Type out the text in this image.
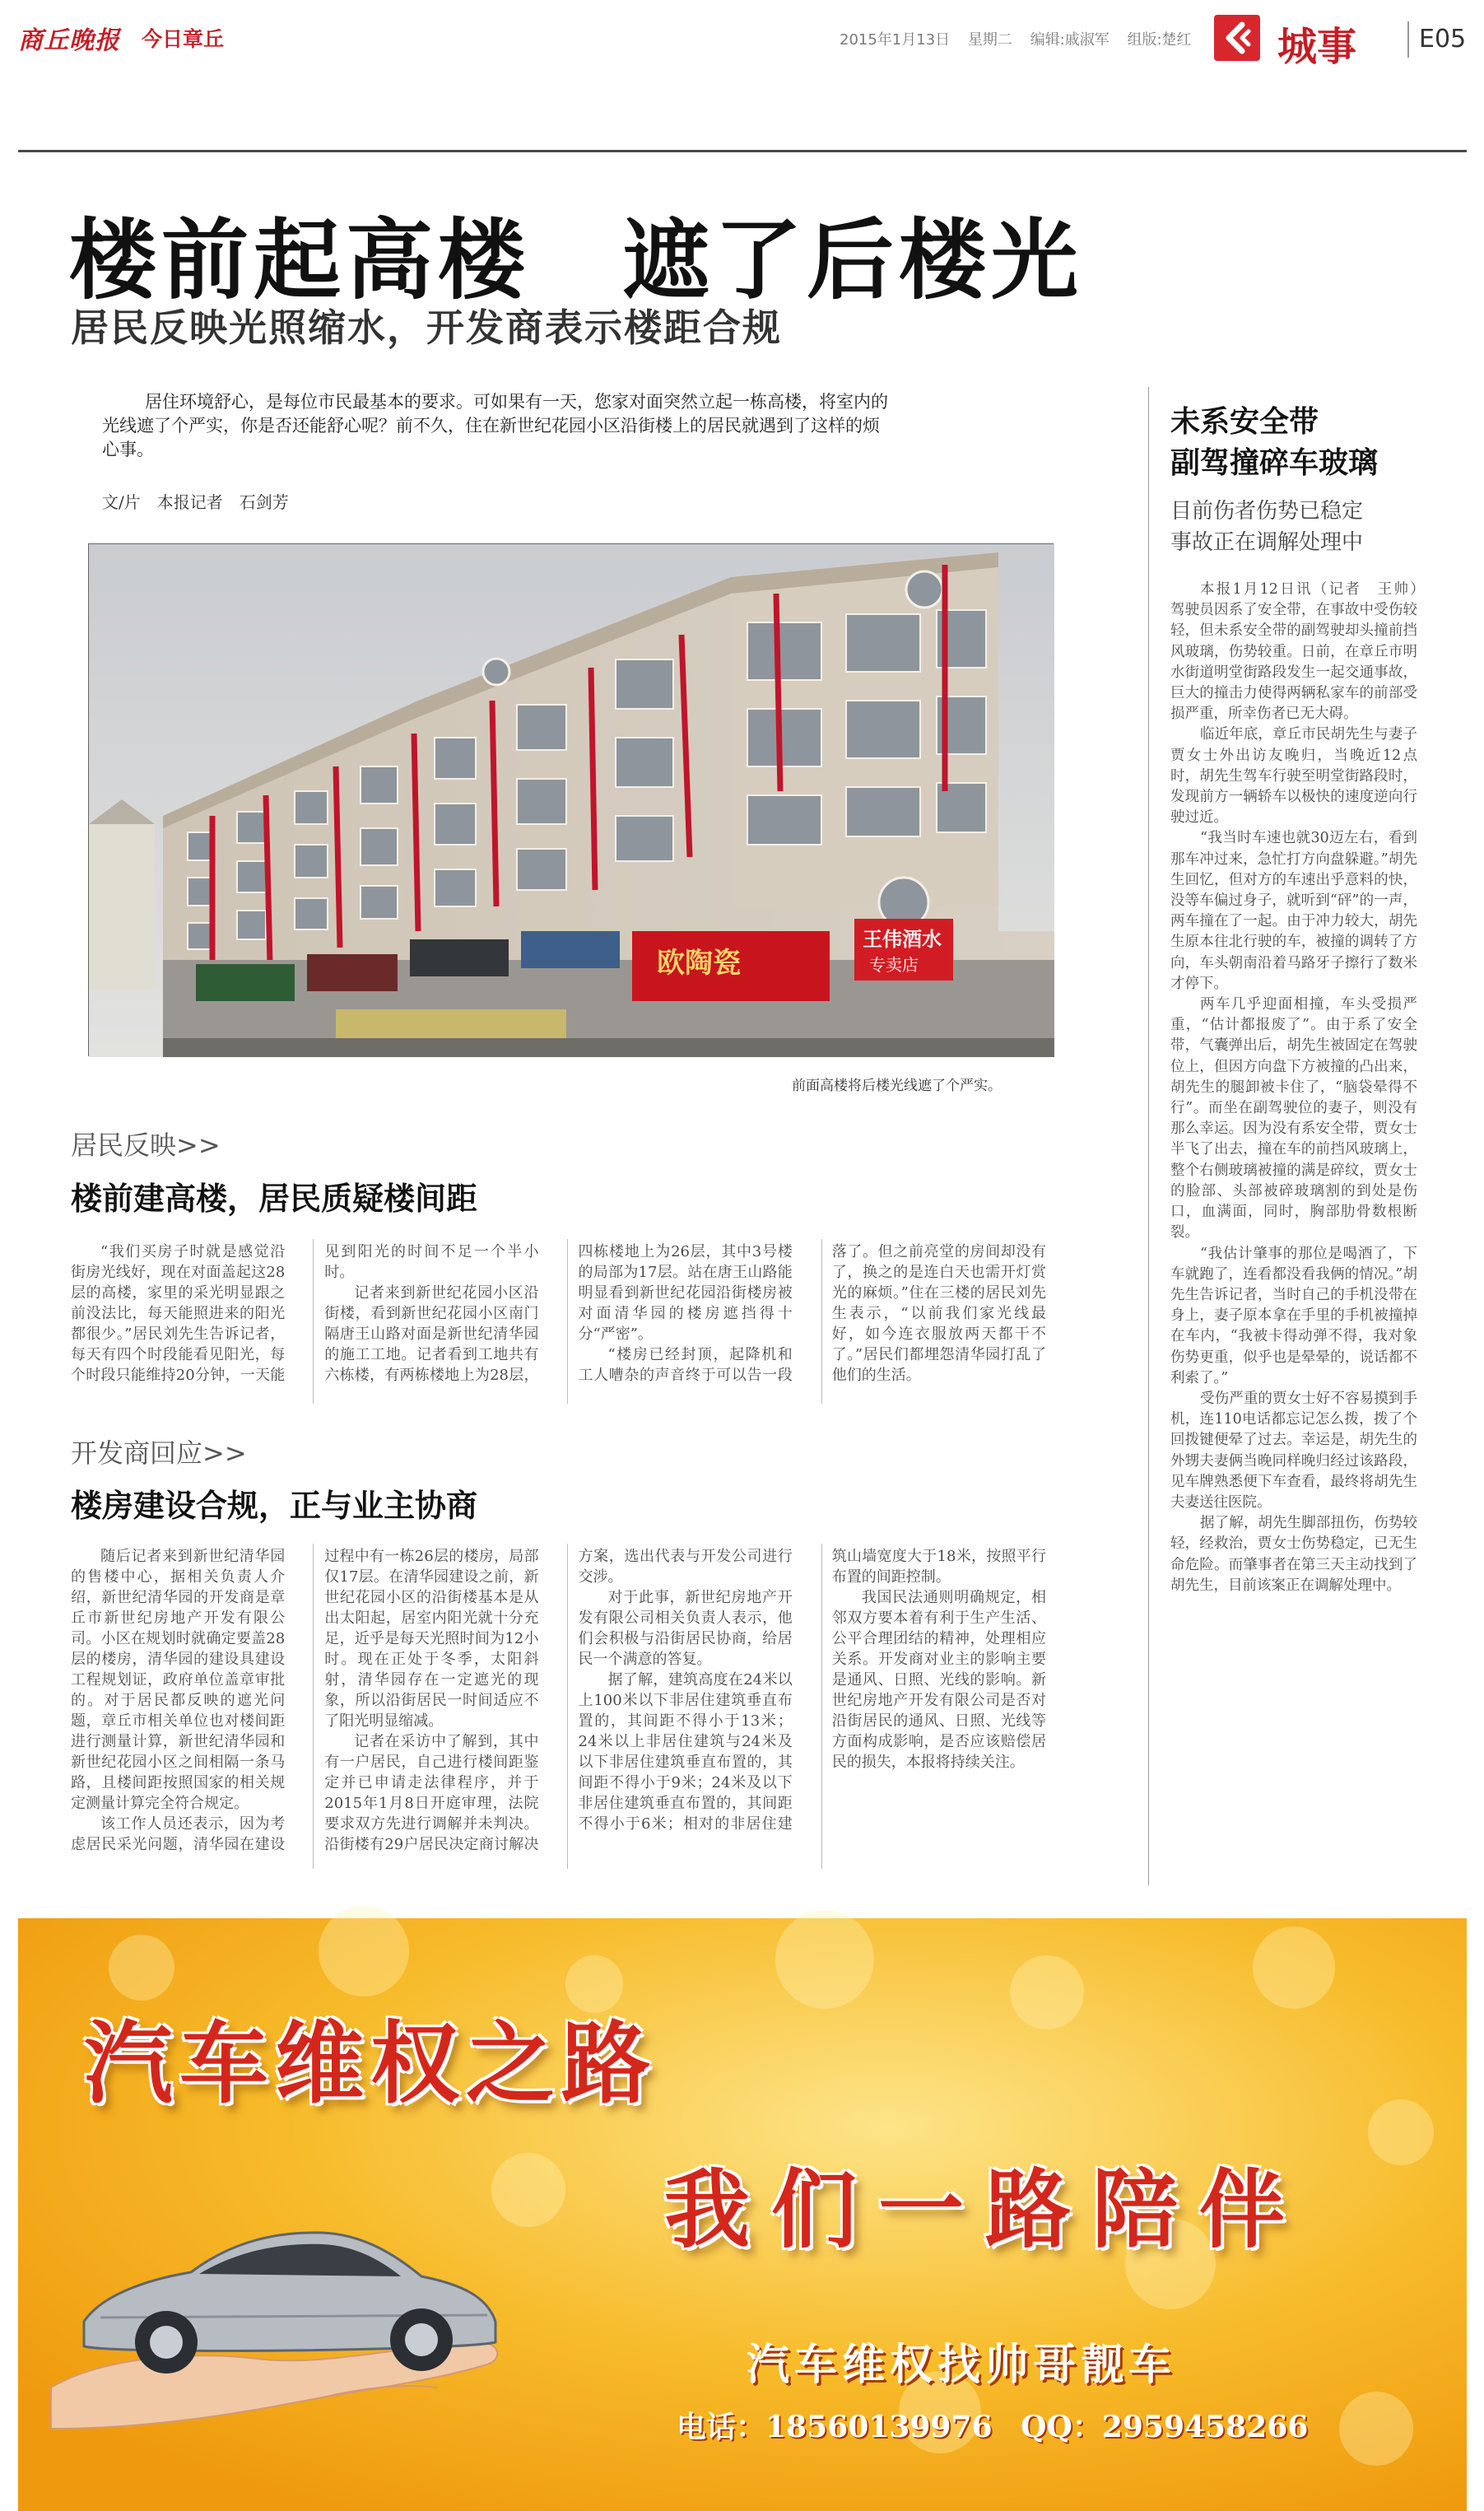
商丘晚报 今日章丘	2015年1月13日 星期二 编辑:戚淑军 组版:楚红	城事	E05
楼前起高楼　遮了后楼光
居民反映光照缩水，开发商表示楼距合规

居住环境舒心，是每位市民最基本的要求。可如果有一天，您家对面突然立起一栋高楼，将室内的光线遮了个严实，你是否还能舒心呢？前不久，住在新世纪花园小区沿街楼上的居民就遇到了这样的烦心事。

文/片　本报记者　石剑芳
欧陶瓷
王伟酒水
专卖店
前面高楼将后楼光线遮了个严实。
居民反映>>
楼前建高楼，居民质疑楼间距

“我们买房子时就是感觉沿街房光线好，现在对面盖起这28层的高楼，家里的采光明显跟之前没法比，每天能照进来的阳光都很少。”居民刘先生告诉记者，每天有四个时段能看见阳光，每个时段只能维持20分钟，一天能见到阳光的时间不足一个半小时。

记者来到新世纪花园小区沿街楼，看到新世纪花园小区南门隔唐王山路对面是新世纪清华园的施工工地。记者看到工地共有六栋楼，有两栋楼地上为28层，四栋楼地上为26层，其中3号楼的局部为17层。站在唐王山路能明显看到新世纪花园沿街楼房被对面清华园的楼房遮挡得十分“严密”。

“楼房已经封顶，起降机和工人嘈杂的声音终于可以告一段落了。但之前亮堂的房间却没有了，换之的是连白天也需开灯赏光的麻烦。”住在三楼的居民刘先生表示，“以前我们家光线最好，如今连衣服放两天都干不了。”居民们都埋怨清华园打乱了他们的生活。

开发商回应>>
楼房建设合规，正与业主协商

随后记者来到新世纪清华园的售楼中心，据相关负责人介绍，新世纪清华园的开发商是章丘市新世纪房地产开发有限公司。小区在规划时就确定要盖28层的楼房，清华园的建设具建设工程规划证，政府单位盖章审批的。对于居民都反映的遮光问题，章丘市相关单位也对楼间距进行测量计算，新世纪清华园和新世纪花园小区之间相隔一条马路，且楼间距按照国家的相关规定测量计算完全符合规定。

该工作人员还表示，因为考虑居民采光问题，清华园在建设过程中有一栋26层的楼房，局部仅17层。在清华园建设之前，新世纪花园小区的沿街楼基本是从出太阳起，居室内阳光就十分充足，近乎是每天光照时间为12小时。现在正处于冬季，太阳斜射，清华园存在一定遮光的现象，所以沿街居民一时间适应不了阳光明显缩减。

记者在采访中了解到，其中有一户居民，自己进行楼间距鉴定并已申请走法律程序，并于2015年1月8日开庭审理，法院要求双方先进行调解并未判决。沿街楼有29户居民决定商讨解决方案，选出代表与开发公司进行交涉。

对于此事，新世纪房地产开发有限公司相关负责人表示，他们会积极与沿街居民协商，给居民一个满意的答复。

据了解，建筑高度在24米以上100米以下非居住建筑垂直布置的，其间距不得小于13米；24米以上非居住建筑与24米及以下非居住建筑垂直布置的，其间距不得小于9米；24米及以下非居住建筑垂直布置的，其间距不得小于6米；相对的非居住建筑山墙宽度大于18米，按照平行布置的间距控制。

我国民法通则明确规定，相邻双方要本着有利于生产生活、公平合理团结的精神，处理相应关系。开发商对业主的影响主要是通风、日照、光线的影响。新世纪房地产开发有限公司是否对沿街居民的通风、日照、光线等方面构成影响，是否应该赔偿居民的损失，本报将持续关注。

未系安全带
副驾撞碎车玻璃
目前伤者伤势已稳定
事故正在调解处理中

本报1月12日讯（记者　王帅）　驾驶员因系了安全带，在事故中受伤较轻，但未系安全带的副驾驶却头撞前挡风玻璃，伤势较重。日前，在章丘市明水街道明堂街路段发生一起交通事故，巨大的撞击力使得两辆私家车的前部受损严重，所幸伤者已无大碍。

临近年底，章丘市民胡先生与妻子贾女士外出访友晚归，当晚近12点时，胡先生驾车行驶至明堂街路段时，发现前方一辆轿车以极快的速度逆向行驶过近。

“我当时车速也就30迈左右，看到那车冲过来，急忙打方向盘躲避。”胡先生回忆，但对方的车速出乎意料的快，没等车偏过身子，就听到“砰”的一声，两车撞在了一起。由于冲力较大，胡先生原本往北行驶的车，被撞的调转了方向，车头朝南沿着马路牙子擦行了数米才停下。

两车几乎迎面相撞，车头受损严重，“估计都报废了”。由于系了安全带，气囊弹出后，胡先生被固定在驾驶位上，但因方向盘下方被撞的凸出来，胡先生的腿卸被卡住了，“脑袋晕得不行”。而坐在副驾驶位的妻子，则没有那么幸运。因为没有系安全带，贾女士半飞了出去，撞在车的前挡风玻璃上，整个右侧玻璃被撞的满是碎纹，贾女士的脸部、头部被碎玻璃割的到处是伤口，血满面，同时，胸部肋骨数根断裂。

“我估计肇事的那位是喝酒了，下车就跑了，连看都没看我俩的情况。”胡先生告诉记者，当时自己的手机没带在身上，妻子原本拿在手里的手机被撞掉在车内，“我被卡得动弹不得，我对象伤势更重，似乎也是晕晕的，说话都不利索了。”

受伤严重的贾女士好不容易摸到手机，连110电话都忘记怎么拨，拨了个回拨键便晕了过去。幸运是，胡先生的外甥夫妻俩当晚同样晚归经过该路段，见车牌熟悉便下车查看，最终将胡先生夫妻送往医院。

据了解，胡先生脚部扭伤，伤势较轻，经救治，贾女士伤势稳定，已无生命危险。而肇事者在第三天主动找到了胡先生，目前该案正在调解处理中。

汽车维权之路
我们一路陪伴
汽车维权找帅哥靓车
电话：18560139976 QQ：2959458266
